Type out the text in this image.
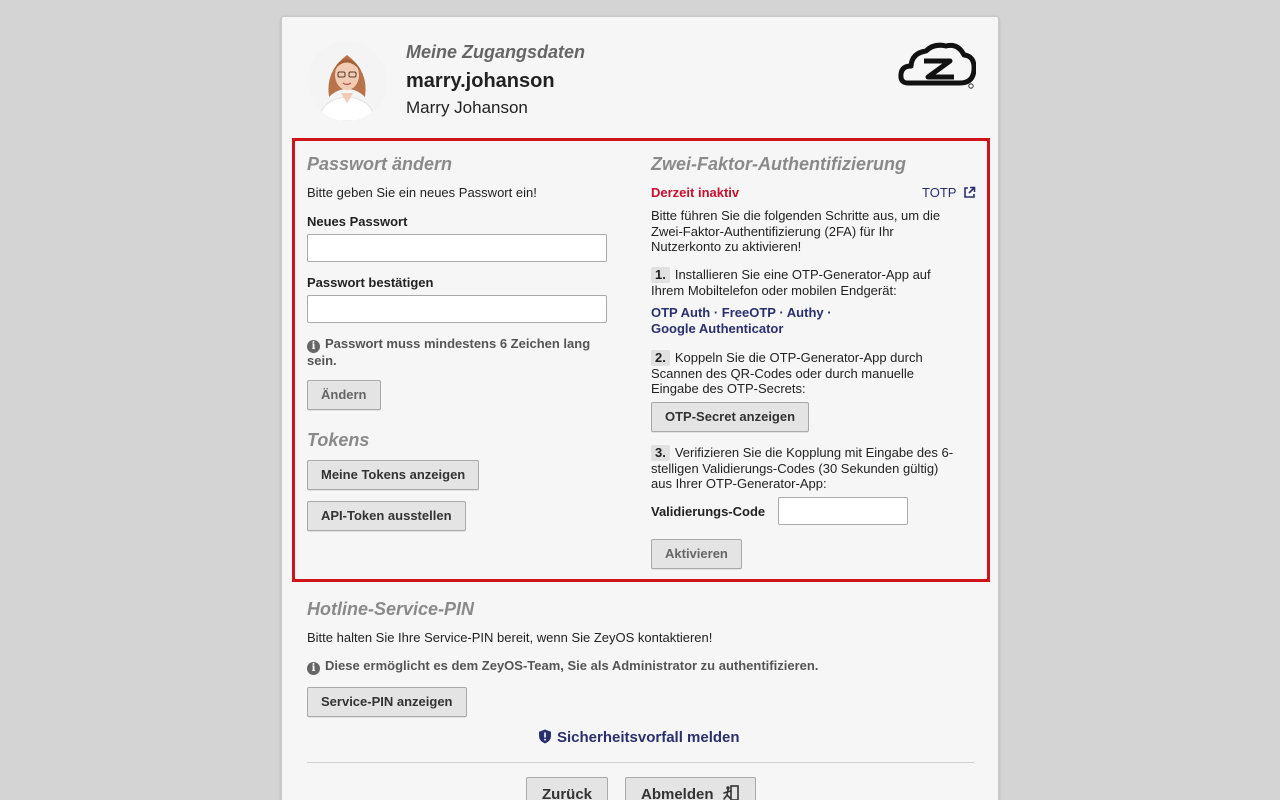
Meine Zugangsdaten
marry.johanson
Marry Johanson
Passwort ändern
Bitte geben Sie ein neues Passwort ein!
Neues Passwort
Passwort bestätigen
i Passwort muss mindestens 6 Zeichen lang
sein.
Ändern
Tokens
Meine Tokens anzeigen
API-Token ausstellen
Zwei-Faktor-Authentifizierung
Derzeit inaktiv	TOTP
Bitte führen Sie die folgenden Schritte aus, um die
Zwei-Faktor-Authentifizierung (2FA) für Ihr
Nutzerkonto zu aktivieren!
1. Installieren Sie eine OTP-Generator-App auf
Ihrem Mobiltelefon oder mobilen Endgerät:
OTP Auth · FreeOTP · Authy ·
Google Authenticator
2. Koppeln Sie die OTP-Generator-App durch
Scannen des QR-Codes oder durch manuelle
Eingabe des OTP-Secrets:
OTP-Secret anzeigen
3. Verifizieren Sie die Kopplung mit Eingabe des 6-
stelligen Validierungs-Codes (30 Sekunden gültig)
aus Ihrer OTP-Generator-App:
Validierungs-Code
Aktivieren
Hotline-Service-PIN
Bitte halten Sie Ihre Service-PIN bereit, wenn Sie ZeyOS kontaktieren!
i Diese ermöglicht es dem ZeyOS-Team, Sie als Administrator zu authentifizieren.
Service-PIN anzeigen
Sicherheitsvorfall melden
Zurück	Abmelden
